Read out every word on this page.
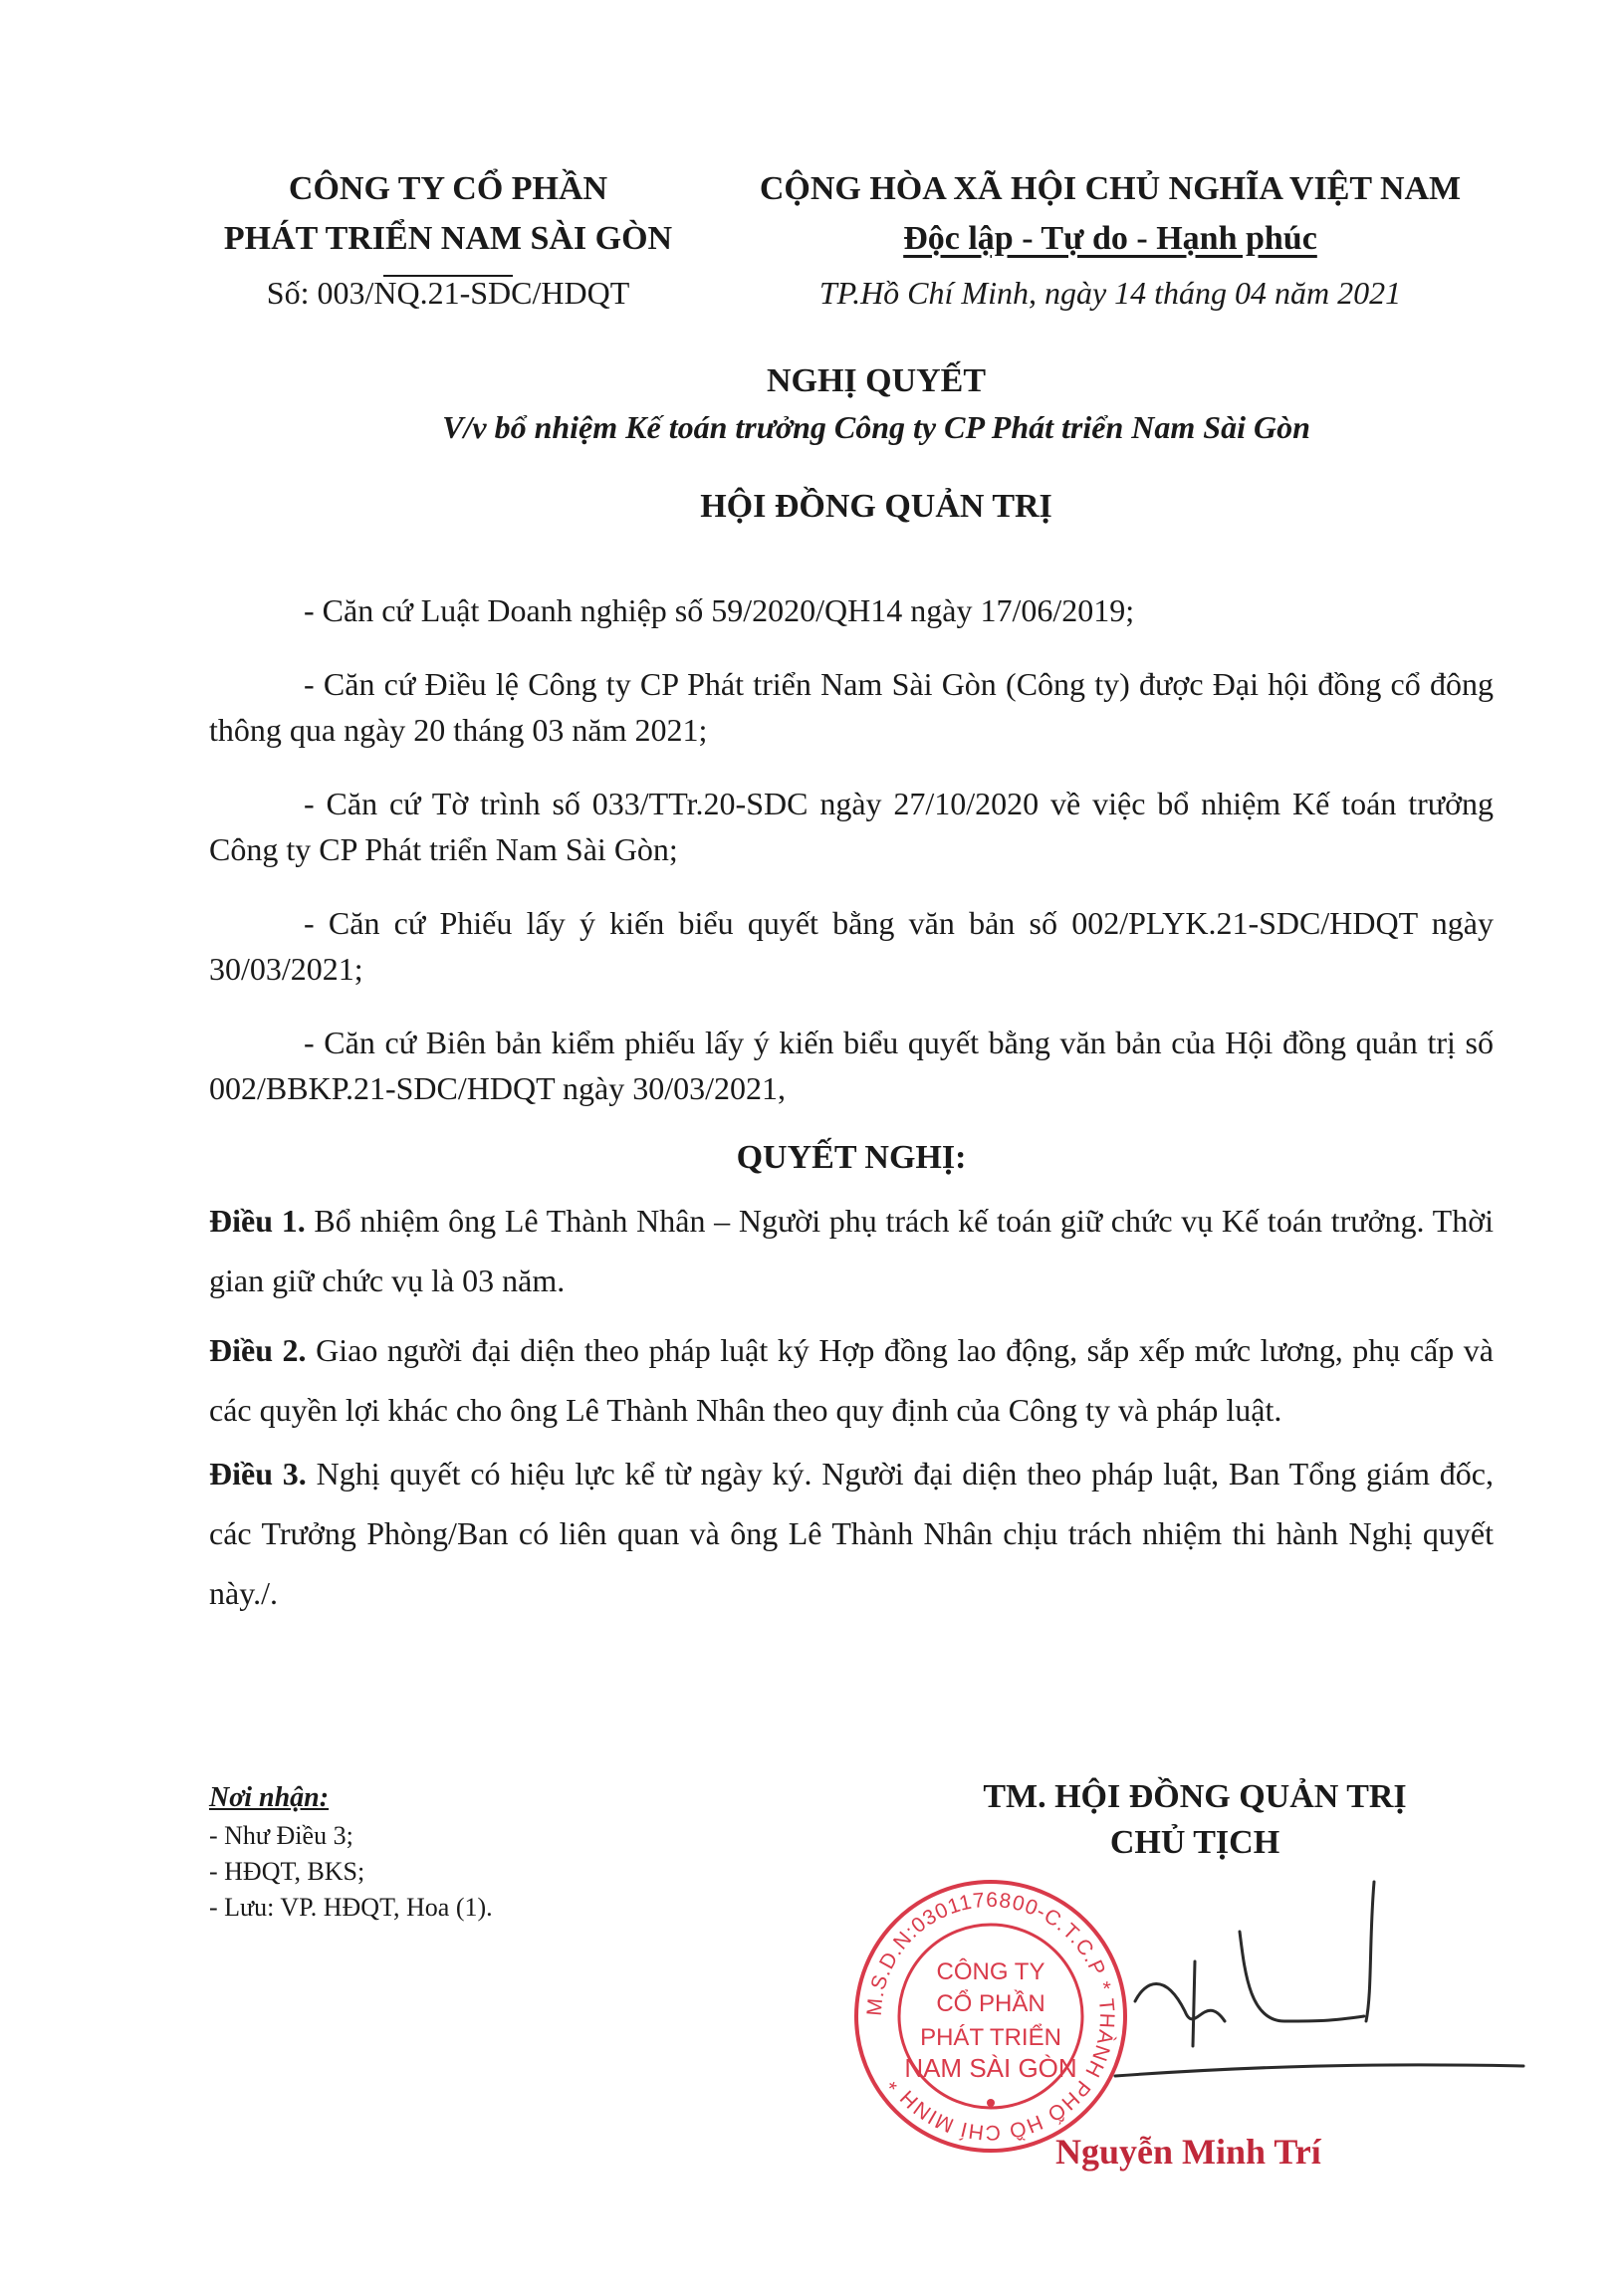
CÔNG TY CỔ PHẦN
PHÁT TRIỂN NAM SÀI GÒN
Số: 003/NQ.21-SDC/HDQT
CỘNG HÒA XÃ HỘI CHỦ NGHĨA VIỆT NAM
Độc lập - Tự do - Hạnh phúc
TP.Hồ Chí Minh, ngày 14 tháng 04 năm 2021
NGHỊ QUYẾT
V/v bổ nhiệm Kế toán trưởng Công ty CP Phát triển Nam Sài Gòn
HỘI ĐỒNG QUẢN TRỊ

- Căn cứ Luật Doanh nghiệp số 59/2020/QH14 ngày 17/06/2019;

- Căn cứ Điều lệ Công ty CP Phát triển Nam Sài Gòn (Công ty) được Đại hội đồng cổ đông thông qua ngày 20 tháng 03 năm 2021;

- Căn cứ Tờ trình số 033/TTr.20-SDC ngày 27/10/2020 về việc bổ nhiệm Kế toán trưởng Công ty CP Phát triển Nam Sài Gòn;

- Căn cứ Phiếu lấy ý kiến biểu quyết bằng văn bản số 002/PLYK.21-SDC/HDQT ngày 30/03/2021;

- Căn cứ Biên bản kiểm phiếu lấy ý kiến biểu quyết bằng văn bản của Hội đồng quản trị số 002/BBKP.21-SDC/HDQT ngày 30/03/2021,

QUYẾT NGHỊ:

Điều 1. Bổ nhiệm ông Lê Thành Nhân – Người phụ trách kế toán giữ chức vụ Kế toán trưởng. Thời gian giữ chức vụ là 03 năm.

Điều 2. Giao người đại diện theo pháp luật ký Hợp đồng lao động, sắp xếp mức lương, phụ cấp và các quyền lợi khác cho ông Lê Thành Nhân theo quy định của Công ty và pháp luật.

Điều 3. Nghị quyết có hiệu lực kể từ ngày ký. Người đại diện theo pháp luật, Ban Tổng giám đốc, các Trưởng Phòng/Ban có liên quan và ông Lê Thành Nhân chịu trách nhiệm thi hành Nghị quyết này./.

Nơi nhận:
- Như Điều 3;
- HĐQT, BKS;
- Lưu: VP. HĐQT, Hoa (1).
TM. HỘI ĐỒNG QUẢN TRỊ
CHỦ TỊCH
M.S.D.N:0301176800-C.T.C.P * THÀNH PHỐ HỒ CHÍ MINH *
CÔNG TY
CỔ PHẦN
PHÁT TRIỂN
NAM SÀI GÒN
Nguyễn Minh Trí
